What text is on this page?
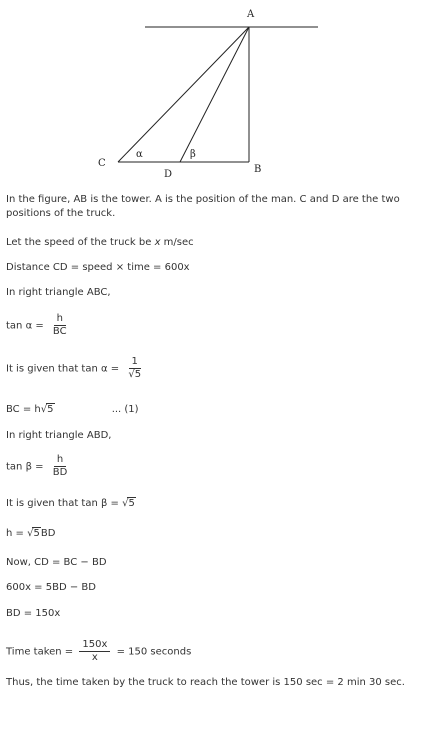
A
B
C
D
α	β
In the figure, AB is the tower. A is the position of the man. C and D are the two positions of the truck.
Let the speed of the truck be x m/sec
Distance CD = speed × time = 600x
In right triangle ABC,
$\tan \alpha = \frac{h}{BC}$
It is given that $\tan \alpha = \frac{1}{√5}$
BC = h√5	... (1)
In right triangle ABD,
$\tan \beta = \frac{h}{BD}$
It is given that tan β = √5
h = √5BD
Now, CD = BC − BD
600x = 5BD − BD
BD = 150x
Time taken = $\frac{150x}{x} = 150$ seconds
Thus, the time taken by the truck to reach the tower is 150 sec = 2 min 30 sec.
